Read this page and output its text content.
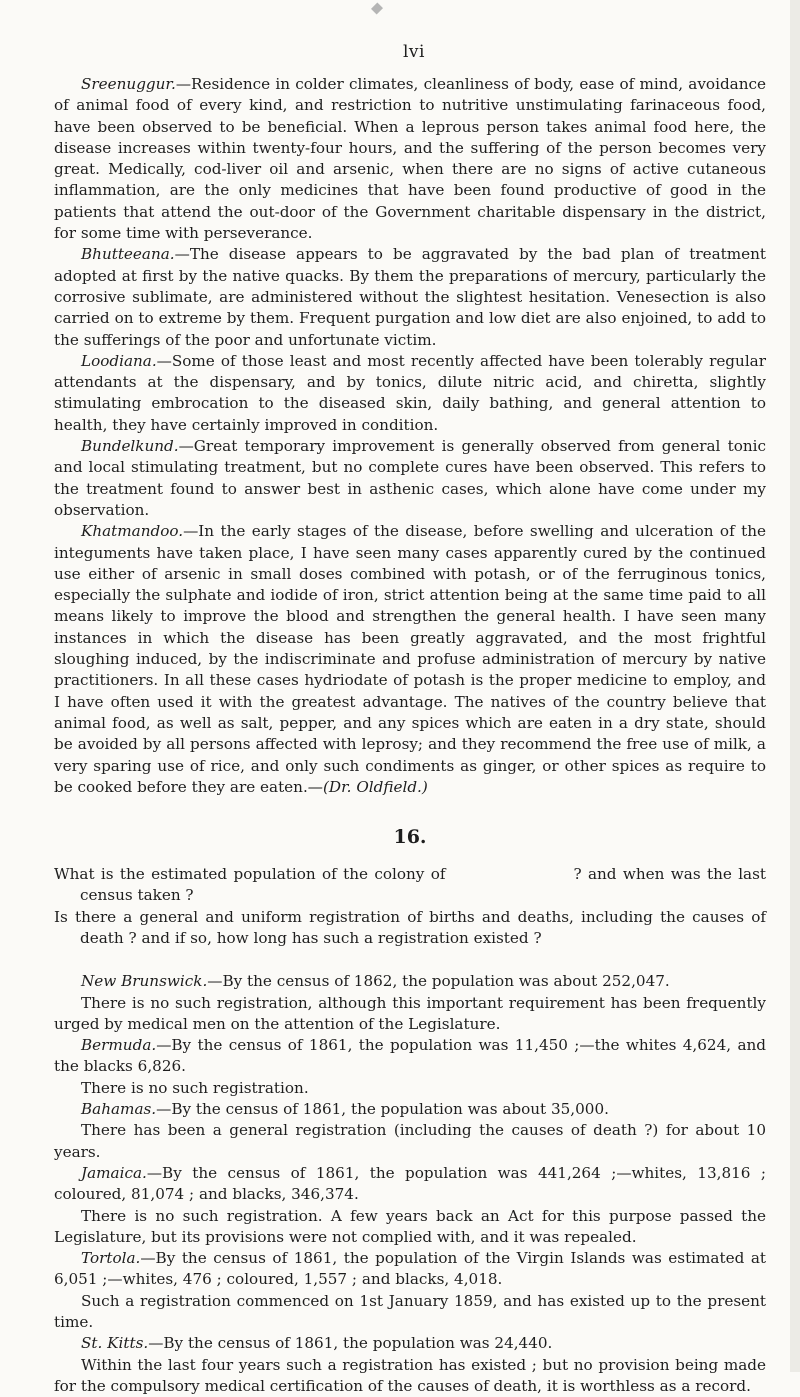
lvi

Sreenuggur.—Residence in colder climates, cleanliness of body, ease of mind, avoidance of animal food of every kind, and restriction to nutritive unstimulating farinaceous food, have been observed to be beneficial. When a leprous person takes animal food here, the disease increases within twenty-four hours, and the suffering of the person becomes very great. Medically, cod-liver oil and arsenic, when there are no signs of active cutaneous inflammation, are the only medicines that have been found productive of good in the patients that attend the out-door of the Government charitable dispensary in the district, for some time with perseverance.

Bhutteeana.—The disease appears to be aggravated by the bad plan of treatment adopted at first by the native quacks. By them the preparations of mercury, particularly the corrosive sublimate, are administered without the slightest hesitation. Venesection is also carried on to extreme by them. Frequent purgation and low diet are also enjoined, to add to the sufferings of the poor and unfortunate victim.

Loodiana.—Some of those least and most recently affected have been tolerably regular attendants at the dispensary, and by tonics, dilute nitric acid, and chiretta, slightly stimulating embrocation to the diseased skin, daily bathing, and general attention to health, they have certainly improved in condition.

Bundelkund.—Great temporary improvement is generally observed from general tonic and local stimulating treatment, but no complete cures have been observed. This refers to the treatment found to answer best in asthenic cases, which alone have come under my observation.

Khatmandoo.—In the early stages of the disease, before swelling and ulceration of the integuments have taken place, I have seen many cases apparently cured by the continued use either of arsenic in small doses combined with potash, or of the ferruginous tonics, especially the sulphate and iodide of iron, strict attention being at the same time paid to all means likely to improve the blood and strengthen the general health. I have seen many instances in which the disease has been greatly aggravated, and the most frightful sloughing induced, by the indiscriminate and profuse administration of mercury by native practitioners. In all these cases hydriodate of potash is the proper medicine to employ, and I have often used it with the greatest advantage. The natives of the country believe that animal food, as well as salt, pepper, and any spices which are eaten in a dry state, should be avoided by all persons affected with leprosy; and they recommend the free use of milk, a very sparing use of rice, and only such condiments as ginger, or other spices as require to be cooked before they are eaten.—(Dr. Oldfield.)

16.

What is the estimated population of the colony of	? and when was the last census taken ?

Is there a general and uniform registration of births and deaths, including the causes of death ? and if so, how long has such a registration existed ?

New Brunswick.—By the census of 1862, the population was about 252,047.

There is no such registration, although this important requirement has been frequently urged by medical men on the attention of the Legislature.

Bermuda.—By the census of 1861, the population was 11,450 ;—the whites 4,624, and the blacks 6,826.

There is no such registration.

Bahamas.—By the census of 1861, the population was about 35,000.

There has been a general registration (including the causes of death ?) for about 10 years.

Jamaica.—By the census of 1861, the population was 441,264 ;—whites, 13,816 ; coloured, 81,074 ; and blacks, 346,374.

There is no such registration. A few years back an Act for this purpose passed the Legislature, but its provisions were not complied with, and it was repealed.

Tortola.—By the census of 1861, the population of the Virgin Islands was estimated at 6,051 ;—whites, 476 ; coloured, 1,557 ; and blacks, 4,018.

Such a registration commenced on 1st January 1859, and has existed up to the present time.

St. Kitts.—By the census of 1861, the population was 24,440.

Within the last four years such a registration has existed ; but no provision being made for the compulsory medical certification of the causes of death, it is worthless as a record.
